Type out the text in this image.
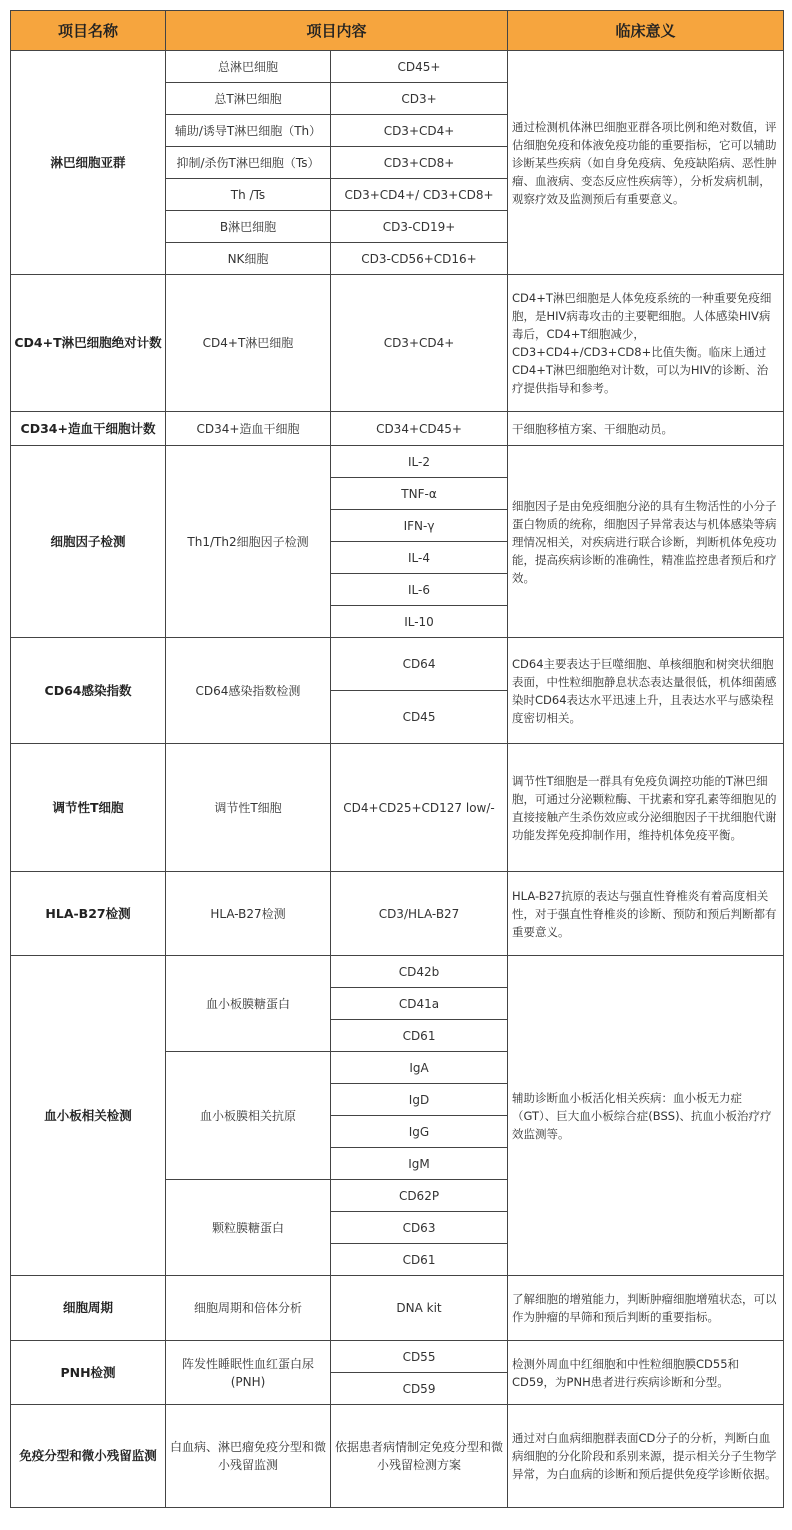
项目名称	项目内容		临床意义
淋巴细胞亚群	总淋巴细胞	CD45+	通过检测机体淋巴细胞亚群各项比例和绝对数值，评估细胞免疫和体液免疫功能的重要指标，它可以辅助诊断某些疾病（如自身免疫病、免疫缺陷病、恶性肿瘤、血液病、变态反应性疾病等），分析发病机制，观察疗效及监测预后有重要意义。
	总T淋巴细胞	CD3+	
	辅助/诱导T淋巴细胞（Th）	CD3+CD4+	
	抑制/杀伤T淋巴细胞（Ts）	CD3+CD8+	
	Th /Ts	CD3+CD4+/ CD3+CD8+	
	B淋巴细胞	CD3-CD19+	
	NK细胞	CD3-CD56+CD16+	
CD4+T淋巴细胞绝对计数	CD4+T淋巴细胞	CD3+CD4+	CD4+T淋巴细胞是人体免疫系统的一种重要免疫细胞，是HIV病毒攻击的主要靶细胞。人体感染HIV病毒后，CD4+T细胞减少，CD3+CD4+/CD3+CD8+比值失衡。临床上通过CD4+T淋巴细胞绝对计数，可以为HIV的诊断、治疗提供指导和参考。
CD34+造血干细胞计数	CD34+造血干细胞	CD34+CD45+	干细胞移植方案、干细胞动员。
细胞因子检测	Th1/Th2细胞因子检测	IL-2	细胞因子是由免疫细胞分泌的具有生物活性的小分子蛋白物质的统称，细胞因子异常表达与机体感染等病理情况相关，对疾病进行联合诊断，判断机体免疫功能，提高疾病诊断的准确性，精准监控患者预后和疗效。
		TNF-α	
		IFN-γ	
		IL-4	
		IL-6	
		IL-10	
CD64感染指数	CD64感染指数检测	CD64	CD64主要表达于巨噬细胞、单核细胞和树突状细胞表面，中性粒细胞静息状态表达量很低，机体细菌感染时CD64表达水平迅速上升，且表达水平与感染程度密切相关。
		CD45	
调节性T细胞	调节性T细胞	CD4+CD25+CD127 low/-	调节性T细胞是一群具有免疫负调控功能的T淋巴细胞，可通过分泌颗粒酶、干扰素和穿孔素等细胞见的直接接触产生杀伤效应或分泌细胞因子干扰细胞代谢功能发挥免疫抑制作用，维持机体免疫平衡。
HLA-B27检测	HLA-B27检测	CD3/HLA-B27	HLA-B27抗原的表达与强直性脊椎炎有着高度相关性，对于强直性脊椎炎的诊断、预防和预后判断都有重要意义。
血小板相关检测	血小板膜糖蛋白	CD42b	辅助诊断血小板活化相关疾病：血小板无力症（GT）、巨大血小板综合症(BSS)、抗血小板治疗疗效监测等。
		CD41a	
		CD61	
	血小板膜相关抗原	IgA	
		IgD	
		IgG	
		IgM	
	颗粒膜糖蛋白	CD62P	
		CD63	
		CD61	
细胞周期	细胞周期和倍体分析	DNA kit	了解细胞的增殖能力，判断肿瘤细胞增殖状态，可以作为肿瘤的早筛和预后判断的重要指标。
PNH检测	阵发性睡眠性血红蛋白尿(PNH)	CD55	检测外周血中红细胞和中性粒细胞膜CD55和CD59，为PNH患者进行疾病诊断和分型。
		CD59	
免疫分型和微小残留监测	白血病、淋巴瘤免疫分型和微小残留监测	依据患者病情制定免疫分型和微小残留检测方案	通过对白血病细胞群表面CD分子的分析，判断白血病细胞的分化阶段和系别来源，提示相关分子生物学异常，为白血病的诊断和预后提供免疫学诊断依据。
